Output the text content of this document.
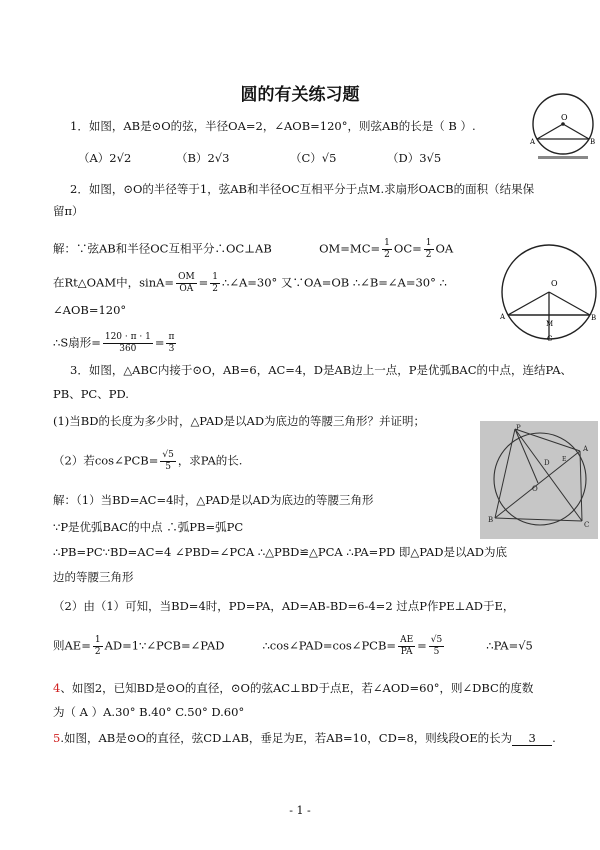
圆的有关练习题
1．如图，AB是⊙O的弦，半径OA=2，∠AOB=120°，则弦AB的长是（ B ）.
（A）2√2	（B）2√3	（C）√5	（D）3√5
O
A	B
2．如图，⊙O的半径等于1，弦AB和半径OC互相平分于点M.求扇形OACB的面积（结果保
留π）
解：∵弦AB和半径OC互相平分∴OC⊥AB	$OM=MC= \frac{1}{2} OC= \frac{1}{2}$ OA
在Rt△OAM中，$\sin A= \frac{OM}{OA} = \frac{1}{2}$ ∴∠A=30° 又∵OA=OB ∴∠B=∠A=30° ∴
∠AOB=120°
∴S扇形= $\frac{120 \cdot \pi \cdot 1}{360} = \frac{\pi}{3}$
O
A	B
M
C
3．如图，△ABC内接于⊙O，AB=6，AC=4，D是AB边上一点，P是优弧BAC的中点，连结PA、
PB、PC、PD.
(1)当BD的长度为多少时，△PAD是以AD为底边的等腰三角形？并证明；
（2）若cos∠PCB= $\frac{√5}{5}$ ，求PA的长.
P
B
C
A
O
D E
解：（1）当BD=AC=4时，△PAD是以AD为底边的等腰三角形
∵P是优弧BAC的中点 ∴弧PB=弧PC
∴PB=PC∵BD=AC=4 ∠PBD=∠PCA ∴△PBD≌△PCA ∴PA=PD 即△PAD是以AD为底
边的等腰三角形
（2）由（1）可知，当BD=4时，PD=PA，AD=AB-BD=6-4=2 过点P作PE⊥AD于E，
则$AE= \frac{1}{2}$ AD=1∵∠PCB=∠PAD	∴cos∠PAD=cos∠PCB= $\frac{AE}{PA} = \frac{√5}{5}$	∴PA=√5
4、如图2，已知BD是⊙O的直径，⊙O的弦AC⊥BD于点E，若∠AOD=60°，则∠DBC的度数
为（ A ）A.30° B.40° C.50° D.60°
5.如图，AB是⊙O的直径，弦CD⊥AB，垂足为E，若AB=10，CD=8，则线段OE的长为 3 .
- 1 -
